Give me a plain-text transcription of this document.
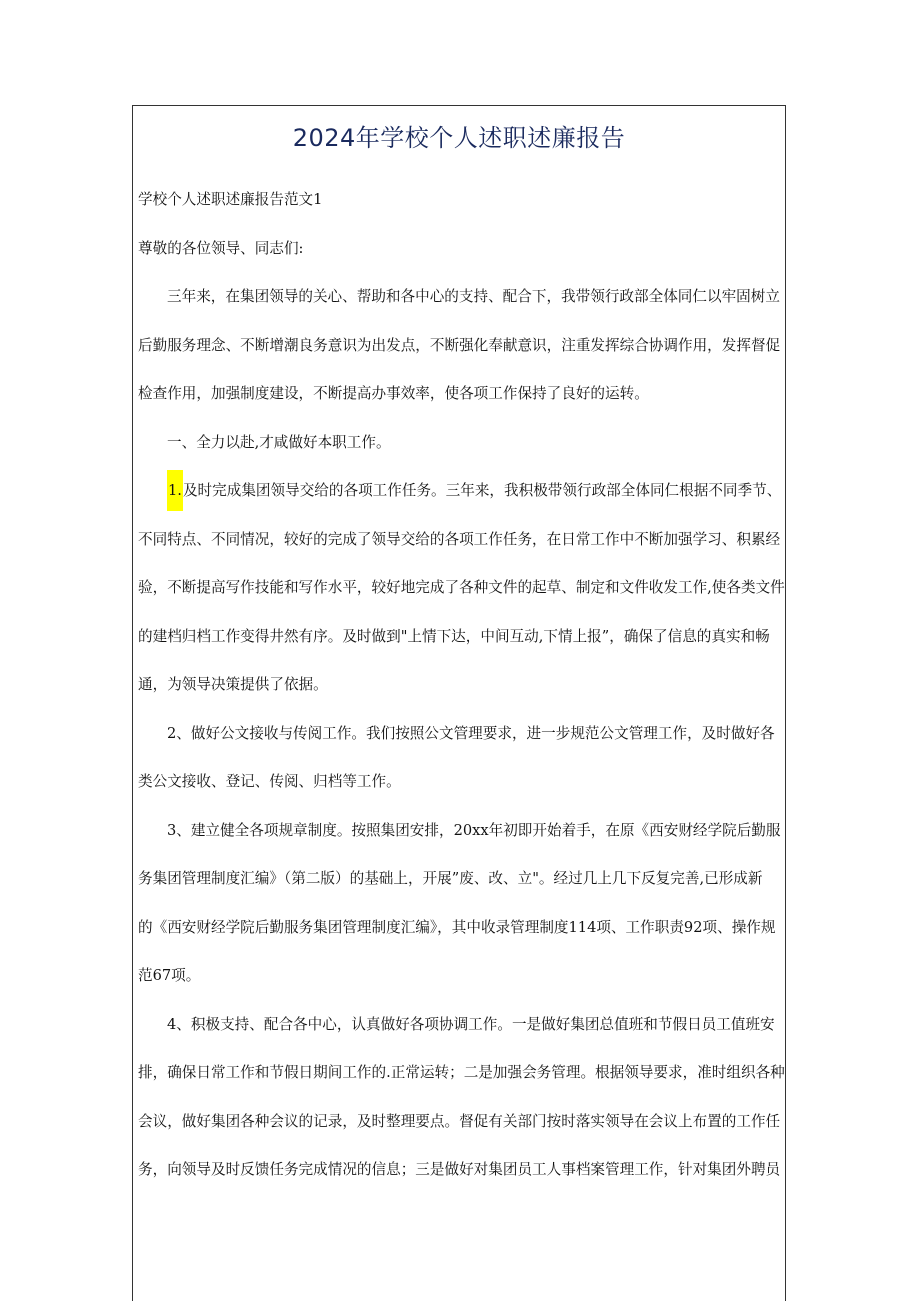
2024年学校个人述职述廉报告
学校个人述职述廉报告范文1
尊敬的各位领导、同志们:
三年来，在集团领导的关心、帮助和各中心的支持、配合下，我带领行政部全体同仁以牢固树立
后勤服务理念、不断增潮良务意识为出发点，不断强化奉献意识，注重发挥综合协调作用，发挥督促
检查作用，加强制度建设，不断提高办事效率，使各项工作保持了良好的运转。
一、全力以赴,才咸做好本职工作。
1.及时完成集团领导交给的各项工作任务。三年来，我积极带领行政部全体同仁根据不同季节、
不同特点、不同情况，较好的完成了领导交给的各项工作任务，在日常工作中不断加强学习、积累经
验，不断提高写作技能和写作水平，较好地完成了各种文件的起草、制定和文件收发工作,使各类文件
的建档归档工作变得井然有序。及时做到"上情下达，中间互动,下情上报”，确保了信息的真实和畅
通，为领导决策提供了依据。
2、做好公文接收与传阅工作。我们按照公文管理要求，进一步规范公文管理工作，及时做好各
类公文接收、登记、传阅、归档等工作。
3、建立健全各项规章制度。按照集团安排，20xx年初即开始着手，在原《西安财经学院后勤服
务集团管理制度汇编》（第二版）的基础上，开展”废、改、立"。经过几上几下反复完善,已形成新
的《西安财经学院后勤服务集团管理制度汇编》，其中收录管理制度114项、工作职责92项、操作规
范67项。
4、积极支持、配合各中心，认真做好各项协调工作。一是做好集团总值班和节假日员工值班安
排，确保日常工作和节假日期间工作的.正常运转；二是加强会务管理。根据领导要求，准时组织各种
会议，做好集团各种会议的记录，及时整理要点。督促有关部门按时落实领导在会议上布置的工作任
务，向领导及时反馈任务完成情况的信息；三是做好对集团员工人事档案管理工作，针对集团外聘员
